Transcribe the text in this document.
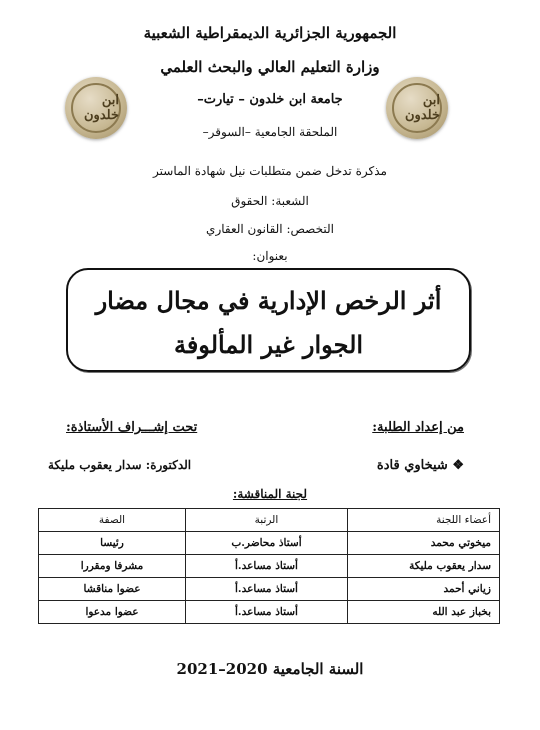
الجمهورية الجزائرية الديمقراطية الشعبية
وزارة التعليم العالي والبحث العلمي
جامعة ابن خلدون – تيارت–
الملحقة الجامعية –السوقر–
ابن خلدون
ابن خلدون
مذكرة تدخل ضمن متطلبات نيل شهادة الماستر
الشعبة: الحقوق
التخصص: القانون العقاري
بعنوان:
أثر الرخص الإدارية في مجال مضار
الجوار غير المألوفة
من إعداد الطلبة:
تحت إشـــراف الأستاذة:
❖ شيخاوي قادة
الدكتورة: سدار يعقوب مليكة
لجنة المناقشة:
أعضاء اللجنة	الرتبة	الصفة
ميخوتي محمد	أستاذ محاضر.ب	رئيسا
سدار يعقوب مليكة	أستاذ مساعد.أ	مشرفا ومقررا
زياني أحمد	أستاذ مساعد.أ	عضوا مناقشا
بخباز عبد الله	أستاذ مساعد.أ	عضوا مدعوا
السنة الجامعية 2020–2021
